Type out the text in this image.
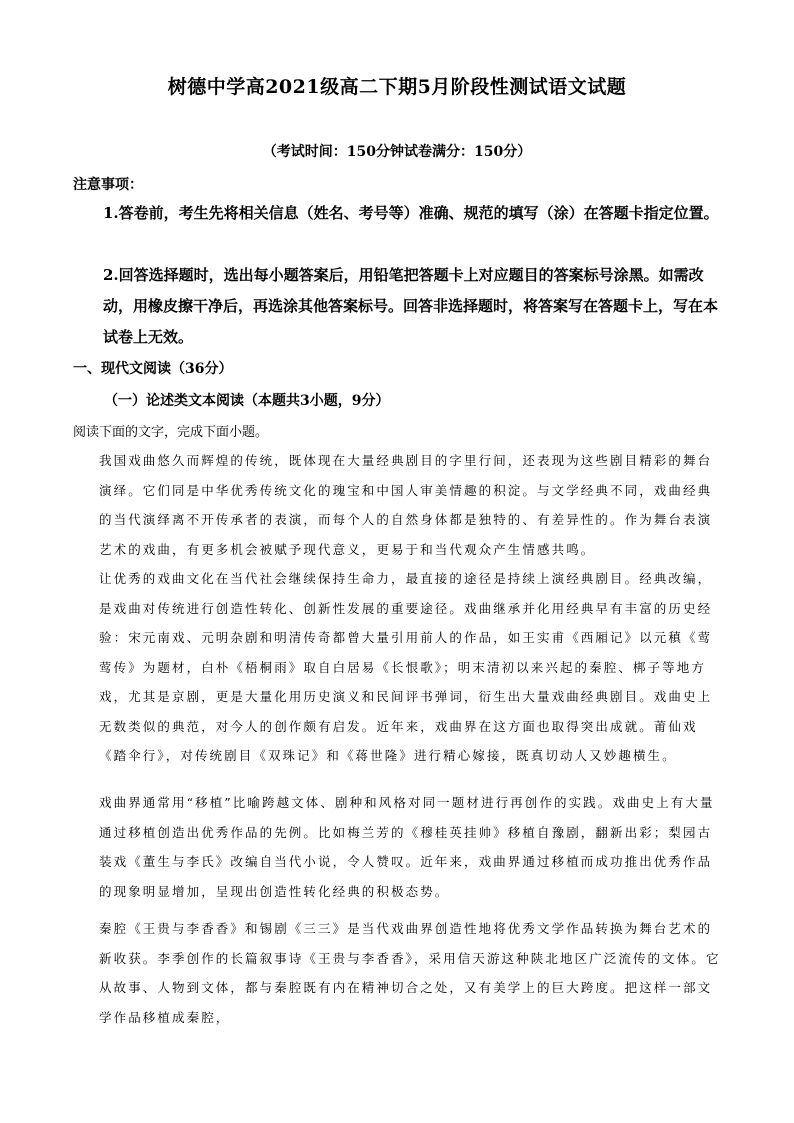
树德中学高2021级高二下期5月阶段性测试语文试题
（考试时间：150分钟试卷满分：150分）
注意事项：
1.答卷前，考生先将相关信息（姓名、考号等）准确、规范的填写（涂）在答题卡指定位置。
2.回答选择题时，选出每小题答案后，用铅笔把答题卡上对应题目的答案标号涂黑。如需改动，用橡皮擦干净后，再选涂其他答案标号。回答非选择题时，将答案写在答题卡上，写在本试卷上无效。
一、现代文阅读（36分）
（一）论述类文本阅读（本题共3小题，9分）
阅读下面的文字，完成下面小题。
我国戏曲悠久而辉煌的传统，既体现在大量经典剧目的字里行间，还表现为这些剧目精彩的舞台演绎。它们同是中华优秀传统文化的瑰宝和中国人审美情趣的积淀。与文学经典不同，戏曲经典的当代演绎离不开传承者的表演，而每个人的自然身体都是独特的、有差异性的。作为舞台表演艺术的戏曲，有更多机会被赋予现代意义，更易于和当代观众产生情感共鸣。
让优秀的戏曲文化在当代社会继续保持生命力，最直接的途径是持续上演经典剧目。经典改编，是戏曲对传统进行创造性转化、创新性发展的重要途径。戏曲继承并化用经典早有丰富的历史经验：宋元南戏、元明杂剧和明清传奇都曾大量引用前人的作品，如王实甫《西厢记》以元稹《莺莺传》为题材，白朴《梧桐雨》取自白居易《长恨歌》；明末清初以来兴起的秦腔、梆子等地方戏，尤其是京剧，更是大量化用历史演义和民间评书弹词，衍生出大量戏曲经典剧目。戏曲史上无数类似的典范，对今人的创作颇有启发。近年来，戏曲界在这方面也取得突出成就。莆仙戏《踏伞行》，对传统剧目《双珠记》和《蒋世隆》进行精心嫁接，既真切动人又妙趣横生。
戏曲界通常用“移植”比喻跨越文体、剧种和风格对同一题材进行再创作的实践。戏曲史上有大量通过移植创造出优秀作品的先例。比如梅兰芳的《穆桂英挂帅》移植自豫剧，翻新出彩；梨园古装戏《董生与李氏》改编自当代小说，令人赞叹。近年来，戏曲界通过移植而成功推出优秀作品的现象明显增加，呈现出创造性转化经典的积极态势。
秦腔《王贵与李香香》和锡剧《三三》是当代戏曲界创造性地将优秀文学作品转换为舞台艺术的新收获。李季创作的长篇叙事诗《王贵与李香香》，采用信天游这种陕北地区广泛流传的文体。它从故事、人物到文体，都与秦腔既有内在精神切合之处，又有美学上的巨大跨度。把这样一部文学作品移植成秦腔，
